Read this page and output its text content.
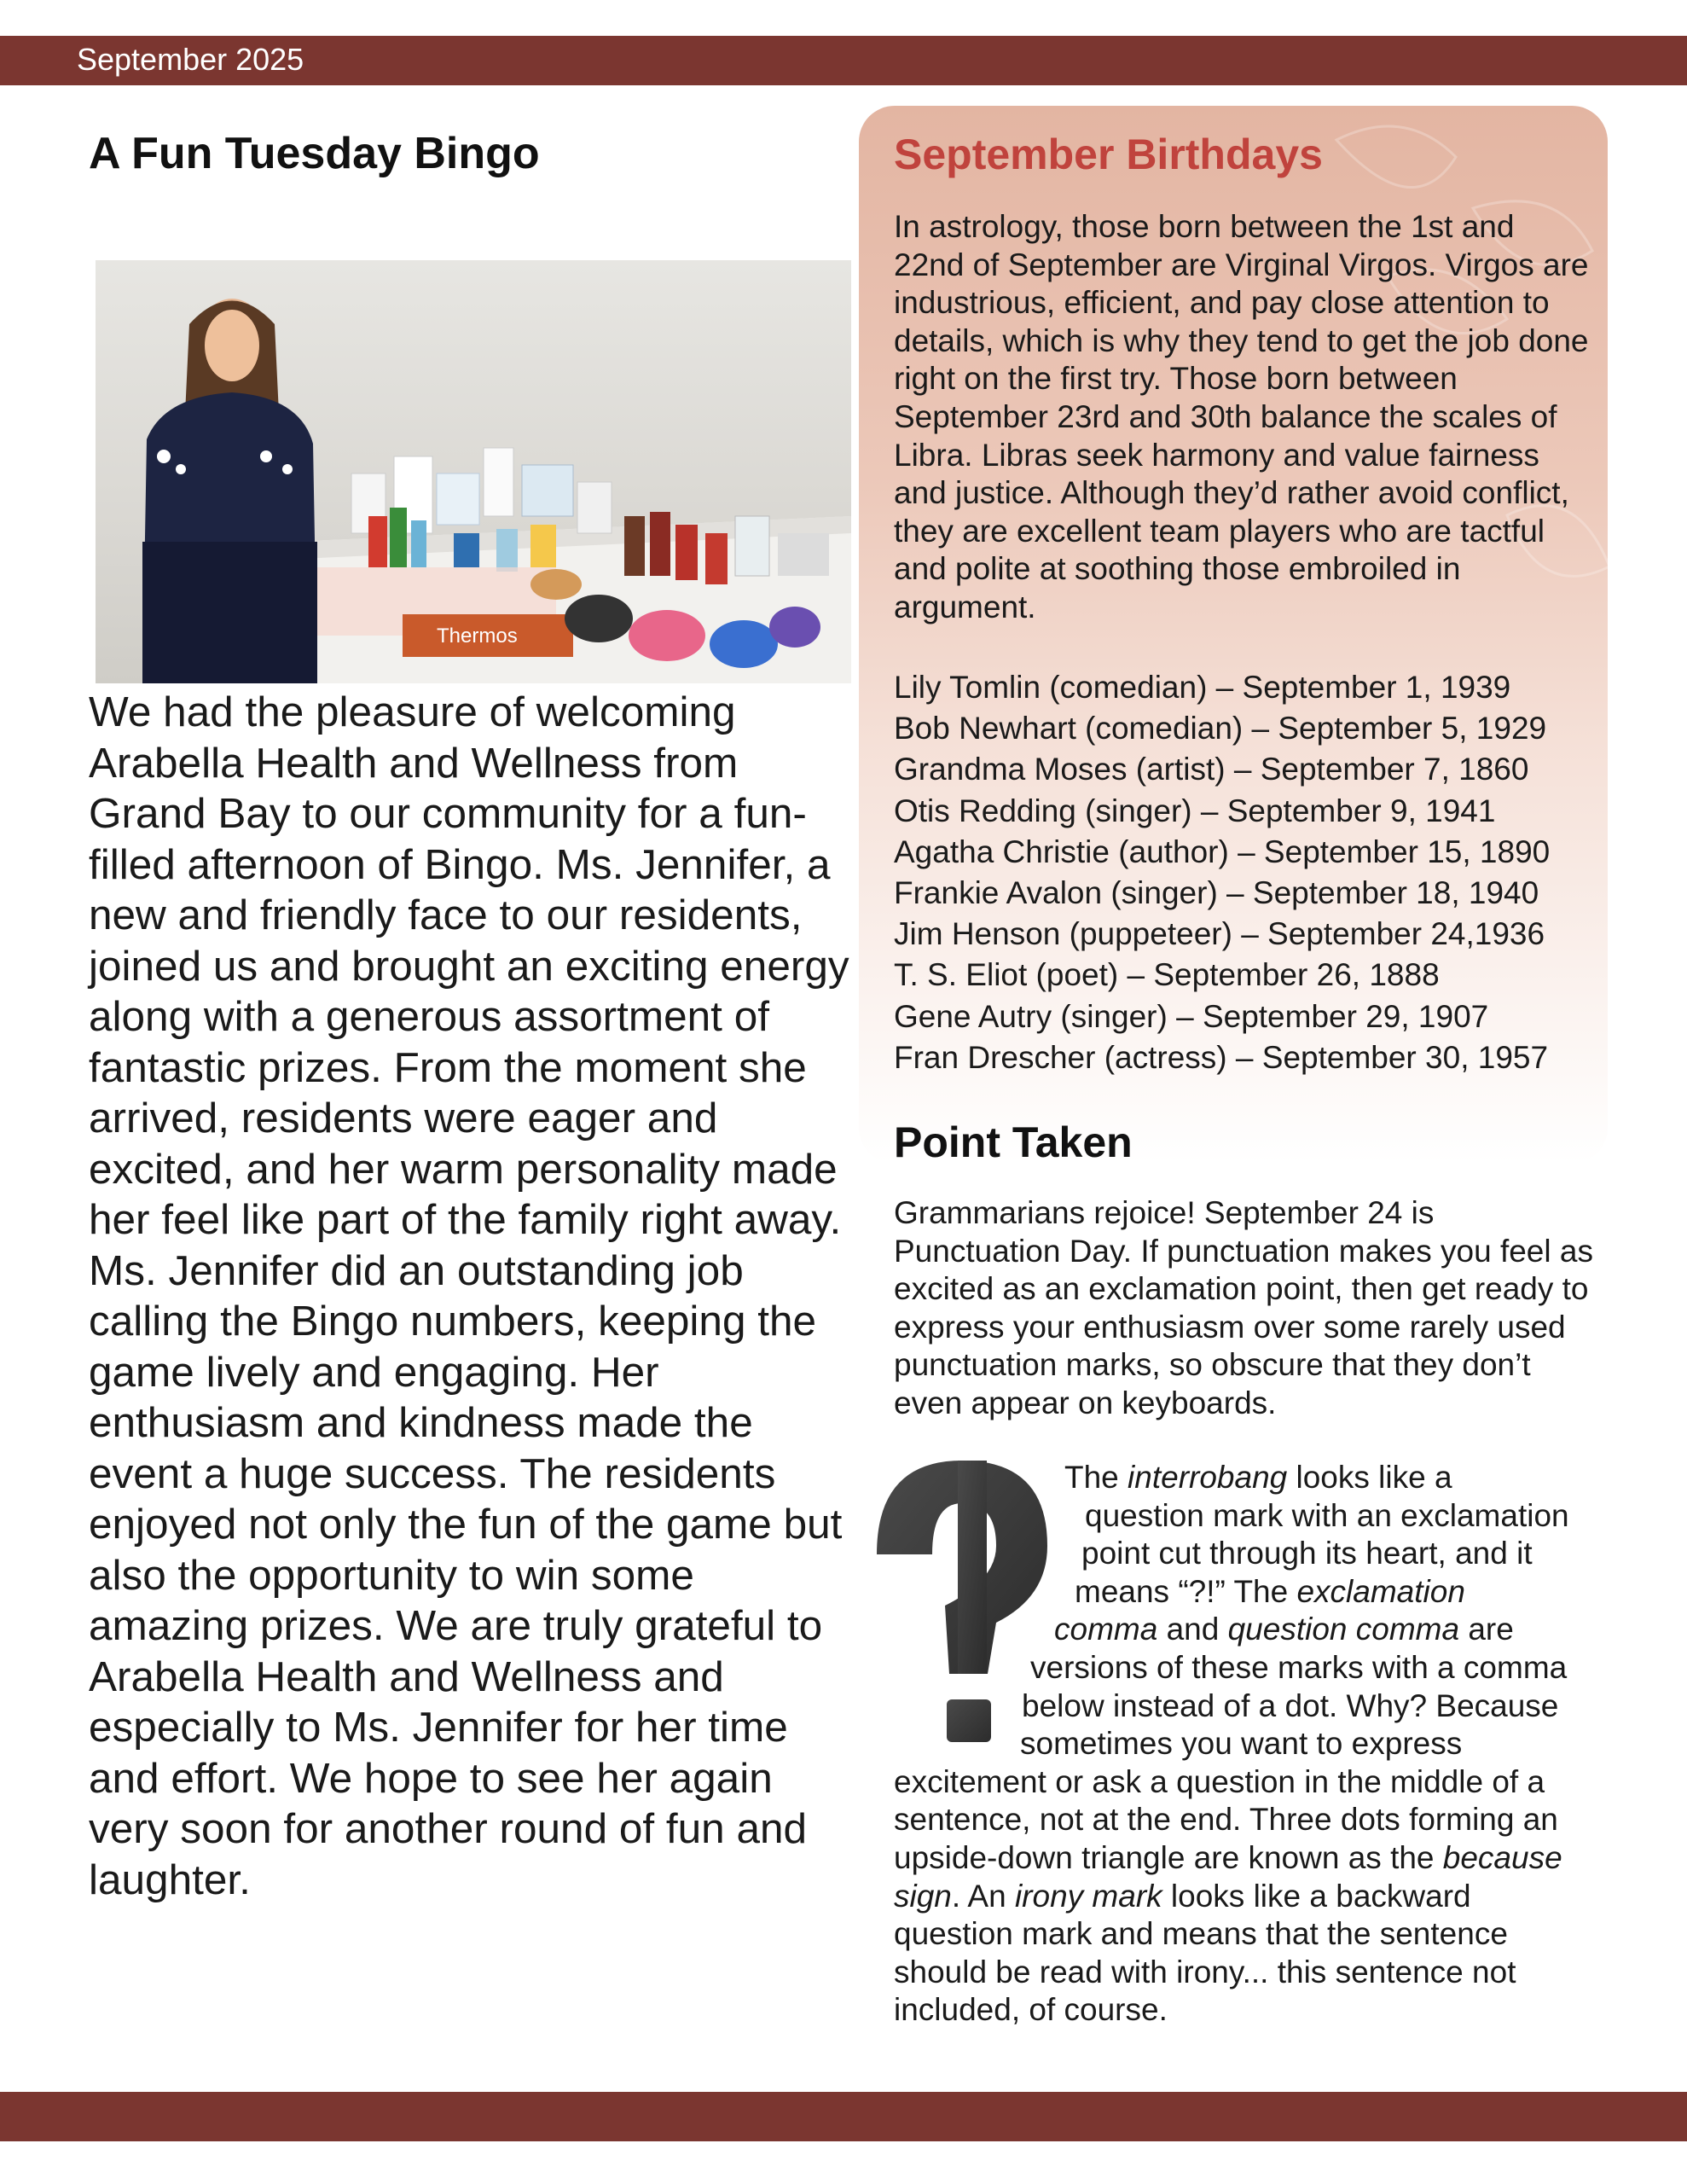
September 2025
A Fun Tuesday Bingo
Thermos

We had the pleasure of welcoming Arabella Health and Wellness from Grand Bay to our community for a fun-filled afternoon of Bingo. Ms. Jennifer, a new and friendly face to our residents, joined us and brought an exciting energy along with a generous assortment of fantastic prizes. From the moment she arrived, residents were eager and excited, and her warm personality made her feel like part of the family right away. Ms. Jennifer did an outstanding job calling the Bingo numbers, keeping the game lively and engaging. Her enthusiasm and kindness made the event a huge success. The residents enjoyed not only the fun of the game but also the opportunity to win some amazing prizes. We are truly grateful to Arabella Health and Wellness and especially to Ms. Jennifer for her time and effort. We hope to see her again very soon for another round of fun and laughter.

September Birthdays

In astrology, those born between the 1st and 22nd of September are Virginal Virgos. Virgos are industrious, efficient, and pay close attention to details, which is why they tend to get the job done right on the first try. Those born between September 23rd and 30th balance the scales of Libra. Libras seek harmony and value fairness and justice. Although they’d rather avoid conflict, they are excellent team players who are tactful and polite at soothing those embroiled in argument.

Lily Tomlin (comedian) – September 1, 1939
Bob Newhart (comedian) – September 5, 1929
Grandma Moses (artist) – September 7, 1860
Otis Redding (singer) – September 9, 1941
Agatha Christie (author) – September 15, 1890
Frankie Avalon (singer) – September 18, 1940
Jim Henson (puppeteer) – September 24,1936
T. S. Eliot (poet) – September 26, 1888
Gene Autry (singer) – September 29, 1907
Fran Drescher (actress) – September 30, 1957
Point Taken

Grammarians rejoice! September 24 is Punctuation Day. If punctuation makes you feel as excited as an exclamation point, then get ready to express your enthusiasm over some rarely used punctuation marks, so obscure that they don’t even appear on keyboards.

The interrobang looks like a
question mark with an exclamation
point cut through its heart, and it
means “?!” The exclamation
comma and question comma are
versions of these marks with a comma
below instead of a dot. Why? Because
sometimes you want to express
excitement or ask a question in the middle of a
sentence, not at the end. Three dots forming an
upside-down triangle are known as the because
sign. An irony mark looks like a backward
question mark and means that the sentence
should be read with irony... this sentence not
included, of course.
